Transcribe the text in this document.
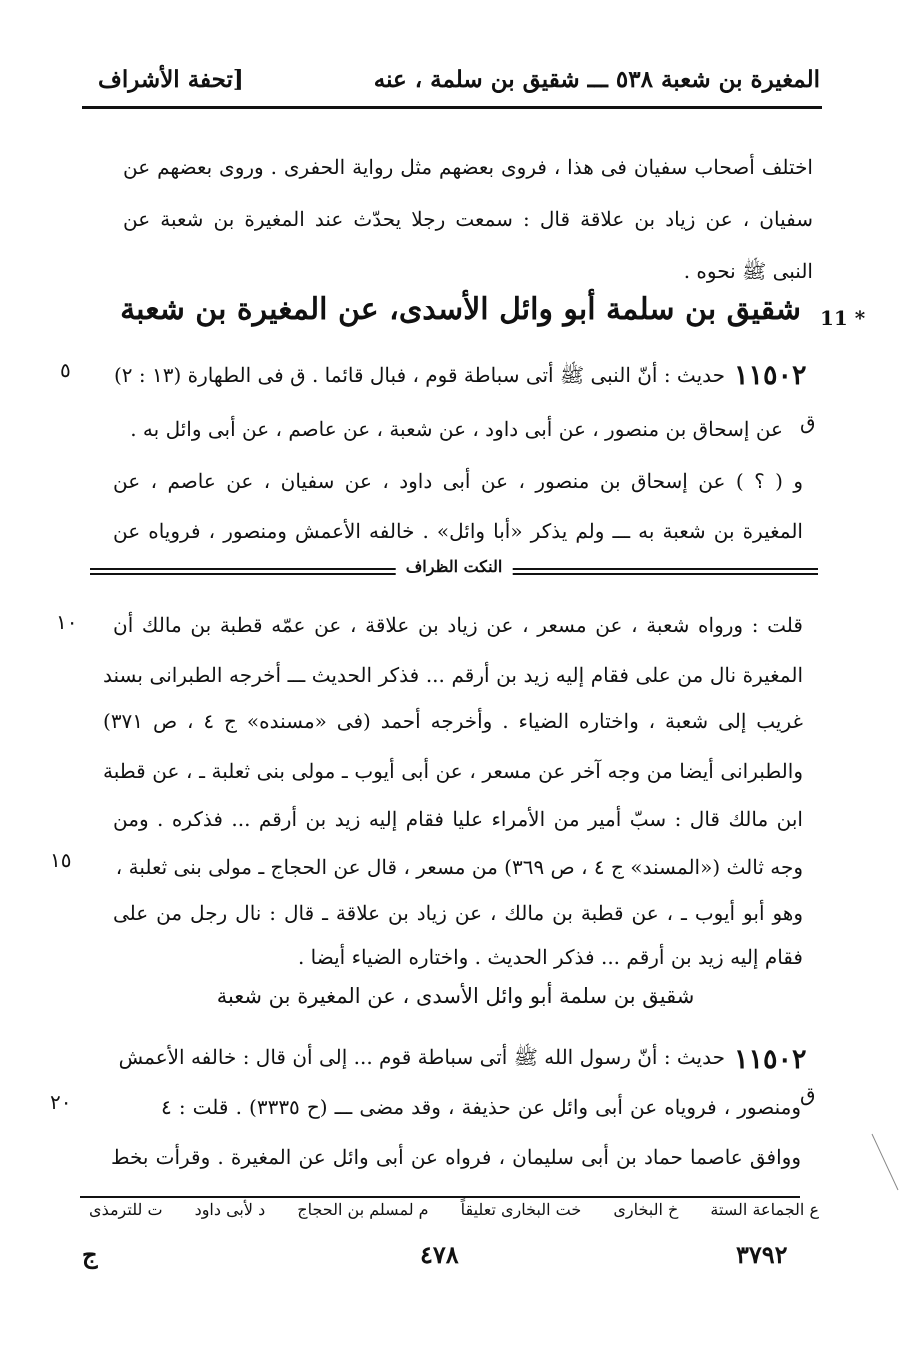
المغيرة بن شعبة ٥٣٨ ـــ شقيق بن سلمة ، عنه
[تحفة الأشراف
اختلف أصحاب سفيان فى هذا ، فروى بعضهم مثل رواية الحفرى . وروى بعضهم عن
سفيان ، عن زياد بن علاقة قال : سمعت رجلا يحدّث عند المغيرة بن شعبة عن
النبى ﷺ نحوه .
11 *
شقيق بن سلمة أبو وائل الأسدى، عن المغيرة بن شعبة
١١٥٠٢
٥
ق
حديث : أنّ النبى ﷺ أتى سباطة قوم ، فبال قائما . ق فى الطهارة (١٣ : ٢)
عن إسحاق بن منصور ، عن أبى داود ، عن شعبة ، عن عاصم ، عن أبى وائل به .
و ( ؟ ) عن إسحاق بن منصور ، عن أبى داود ، عن سفيان ، عن عاصم ، عن
المغيرة بن شعبة به ـــ ولم يذكر «أبا وائل» . خالفه الأعمش ومنصور ، فروياه عن
النكت الظراف
١٠
١٥
قلت : ورواه شعبة ، عن مسعر ، عن زياد بن علاقة ، عن عمّه قطبة بن مالك أن
المغيرة نال من على فقام إليه زيد بن أرقم ... فذكر الحديث ـــ أخرجه الطبرانى بسند
غريب إلى شعبة ، واختاره الضياء . وأخرجه أحمد (فى «مسنده» ج ٤ ، ص ٣٧١)
والطبرانى أيضا من وجه آخر عن مسعر ، عن أبى أيوب ـ مولى بنى ثعلبة ـ ، عن قطبة
ابن مالك قال : سبّ أمير من الأمراء عليا فقام إليه زيد بن أرقم ... فذكره . ومن
وجه ثالث («المسند» ج ٤ ، ص ٣٦٩) من مسعر ، قال عن الحجاج ـ مولى بنى ثعلبة ،
وهو أبو أيوب ـ ، عن قطبة بن مالك ، عن زياد بن علاقة ـ قال : نال رجل من على
فقام إليه زيد بن أرقم ... فذكر الحديث . واختاره الضياء أيضا .
شقيق بن سلمة أبو وائل الأسدى ، عن المغيرة بن شعبة
١١٥٠٢
ق
٢٠
حديث : أنّ رسول الله ﷺ أتى سباطة قوم ... إلى أن قال : خالفه الأعمش
ومنصور ، فروياه عن أبى وائل عن حذيفة ، وقد مضى ـــ (ح ٣٣٣٥) . قلت : ٤
ووافق عاصما حماد بن أبى سليمان ، فرواه عن أبى وائل عن المغيرة . وقرأت بخط
ع الجماعة الستة
خ البخارى
خت البخارى تعليقاً
م لمسلم بن الحجاج
د لأبى داود
ت للترمذى
٣٧٩٢
٤٧٨
ج
